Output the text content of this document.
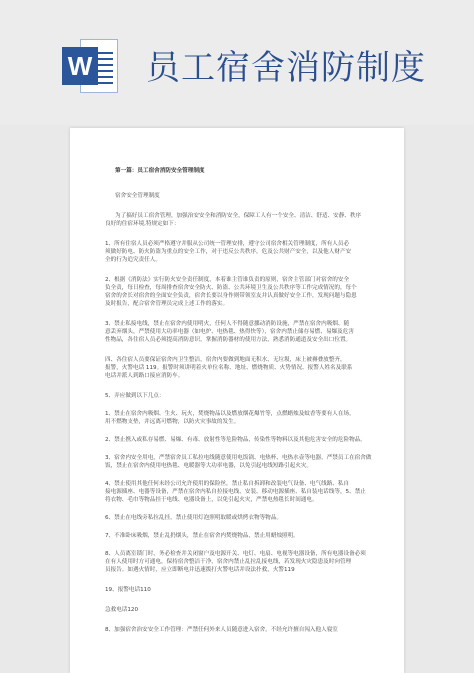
W 员工宿舍消防制度
第一篇：员工宿舍消防安全管理制度
宿舍安全管理制度
为了搞好员工宿舍管理，加强治安安全和消防安全，保障工人有一个安全、清洁、舒适、安静、秩序
良好的住宿环境,特规定如下：
1、所有住宿人员必须严格遵守并服从公司统一管理安排，遵守公司宿舍相关管理制度，所有人员必
须做好防电、防火防盗为重点的安全工作，对于违反公共秩序，危及公共财产安全，以及他人财产安
全的行为追究责任人。
2、根据《消防法》实行防火安全责任制度，本着谁主管谁负责的原则，宿舍主管部门对宿舍的安全
负全责，每日检查，每周排查宿舍安全防火、防盗、公共环境卫生及公共秩序等工作完成情况的，每个
宿舍的舍长对宿舍的全面安全负责，宿舍长要以身作则带领室友并认真做好安全工作，发现问题与隐患
及时报告，配合宿舍管理员完成上述工作的落实。
3、禁止私接电线，禁止在宿舍内使用明火，任何人不得随意挪动消防设施，严禁在宿舍内吸烟、随
意丢弃烟头，严禁使用大功率电器（如电炉、电热毯、热得快等），宿舍内禁止储存易燃、易爆及危害
性物品，各住宿人员必须提高消防意识，掌握消防器材的使用方法，熟悉消防通道及安全出口位置。
四、各住宿人员要保证宿舍内卫生整洁，宿舍内要做到地面无积水、无垃圾，床上被褥叠放整齐，
报警，火警电话 119。报警时须讲明着火单位名称、地址、燃烧物质、火势情况、报警人姓名及联系
电话并派人到路口接应消防车。
5、弄应做到以下几点：
1、禁止在宿舍内吸烟、生火、玩火，焚烧物品以及燃放烟花爆竹等，点燃蜡烛及蚊香等要有人在场，
用不燃物支垫，并远离可燃物，以防火灾事故的发生。
2、禁止携入或私存易燃、易爆、有毒、放射性等危险物品，传染性等物料以及其他危害安全的危险物品。
3、宿舍内安全用电，严禁宿舍员工私拉电线随意使用电饭锅、电热杯、电热水壶等电器，严禁员工在宿舍做
饭，禁止在宿舍内使用电热毯、电暖器等大功率电器，以免引起电线短路引起火灾。
4、禁止使用其他任何未经公司允许使用的保险丝，禁止私自拆卸和改装电气设备、电气线路、私自
接电源插座、电器等设备，严禁在宿舍内私自拉接电线、安装、移动电源插座、私自装电话线等，5、禁止
将衣物、毛巾等物品挂于电线、电器设备上，以免引起火灾，严禁电热毯长时间通电。
6、禁止在电线旁私拉乱挂，禁止使用灯泡照明取暖或烘烤衣物等物品。
7、不准卧床吸烟，禁止乱扔烟头，禁止在宿舍内焚烧物品，禁止用蜡烛照明。
8、人员离室锁门时，务必检查并关闭窗户及电源开关、电灯、电扇、电视等电器设备，所有电器设备必须
在有人使用时方可通电，保持宿舍整洁干净，宿舍内禁止乱拉乱接电线，若发现火灾隐患及时向管理
员报告。如遇火情时，应立即断电并迅速拨打火警电话并设法扑救，火警119
19、报警电话110
急救电话120
8、加强宿舍治安安全工作管理：严禁任何外来人员随意进入宿舍，不经允许擅自闯入他人寝室
